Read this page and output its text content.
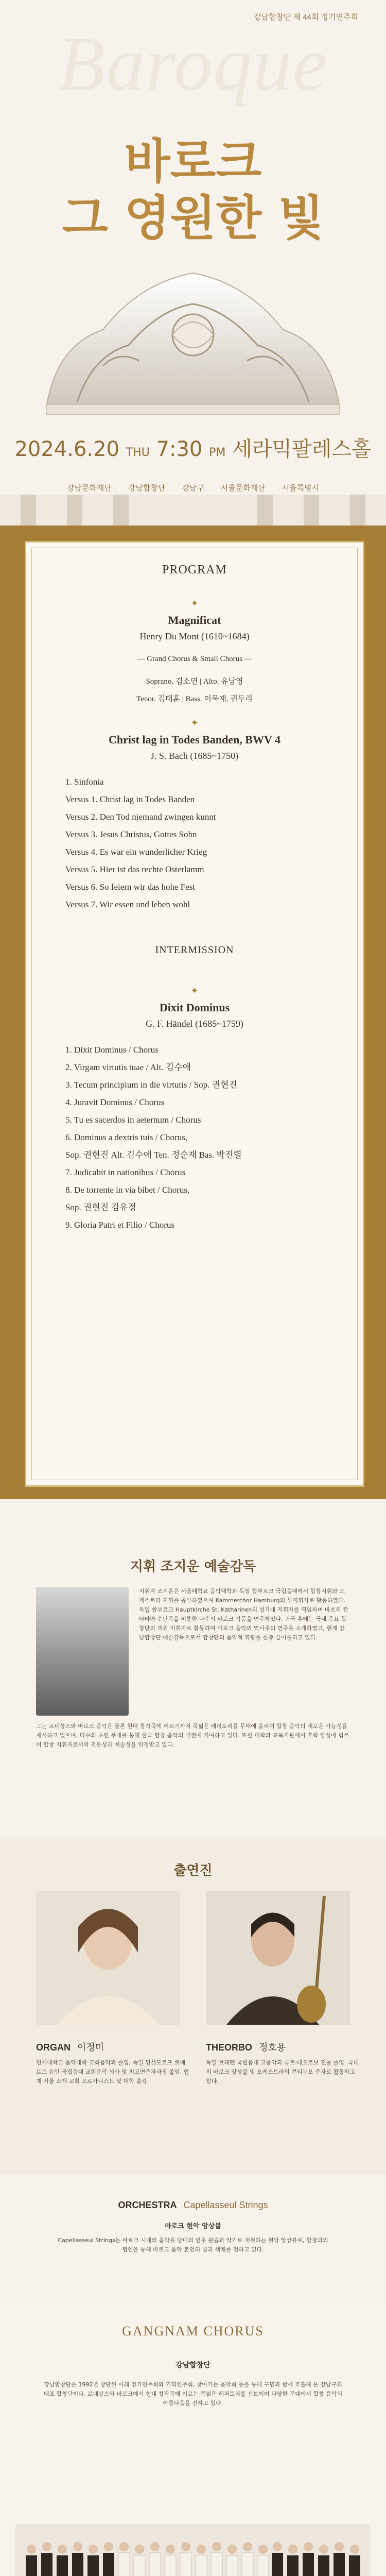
강남합창단 제 44회 정기연주회
Baroque
바로크
그 영원한 빛
2024.6.20 THU 7:30 PM 세라믹팔레스홀
강남문화재단 강남합창단 강남구 서울문화재단 서울특별시
PROGRAM
✦
Magnificat
Henry Du Mont (1610~1684)
— Grand Chorus & Small Chorus —
Soprano. 김소연 | Alto. 유남영
Tenor. 김태훈 | Bass. 이묵재, 권두리
✦
Christ lag in Todes Banden, BWV 4
J. S. Bach (1685~1750)
1. Sinfonia
Versus 1. Christ lag in Todes Banden
Versus 2. Den Tod niemand zwingen kunnt
Versus 3. Jesus Christus, Gottes Sohn
Versus 4. Es war ein wunderlicher Krieg
Versus 5. Hier ist das rechte Osterlamm
Versus 6. So feiern wir das hohe Fest
Versus 7. Wir essen und leben wohl
INTERMISSION
✦
Dixit Dominus
G. F. Händel (1685~1759)
1. Dixit Dominus / Chorus
2. Virgam virtutis tuae / Alt. 김수애
3. Tecum principium in die virtutis / Sop. 권현진
4. Juravit Dominus / Chorus
5. Tu es sacerdos in aeternum / Chorus
6. Dominus a dextris tuis / Chorus,
Sop. 권현진 Alt. 김수애 Ten. 정순재 Bas. 박진렬
7. Judicabit in nationibus / Chorus
8. De torrente in via bibet / Chorus,
Sop. 권현진 김유정
9. Gloria Patri et Filio / Chorus
지휘 조지운 예술감독
지휘자 조지운은 서울대학교 음악대학과 독일 함부르크 국립음대에서 합창지휘와 오케스트라 지휘를 공부하였으며 Kammerchor Hamburg의 부지휘자로 활동하였다. 독일 함부르크 Hauptkirche St. Katharinen의 성가대 지휘자를 역임하며 바흐의 칸타타와 수난곡을 비롯한 다수의 바로크 작품을 연주하였다. 귀국 후에는 국내 주요 합창단의 객원 지휘자로 활동하며 바로크 음악의 역사주의 연주를 소개하였고, 현재 강남합창단 예술감독으로서 합창단의 음악적 역량을 한층 끌어올리고 있다.
그는 르네상스와 바로크 음악은 물론 현대 창작곡에 이르기까지 폭넓은 레퍼토리를 무대에 올리며 합창 음악의 새로운 가능성을 제시하고 있으며, 다수의 초연 무대를 통해 한국 합창 음악의 발전에 기여하고 있다. 또한 대학과 교육기관에서 후학 양성에 힘쓰며 합창 지휘자로서의 전문성과 예술성을 인정받고 있다.
출연진
ORGAN 이정미
연세대학교 음악대학 교회음악과 졸업, 독일 뒤셀도르프 로베르트 슈만 국립음대 교회음악 석사 및 최고연주자과정 졸업. 현재 서울 소재 교회 오르가니스트 및 대학 출강.
THEORBO 정호용
독일 브레멘 국립음대 고음악과 류트·테오르보 전공 졸업. 국내외 바로크 앙상블 및 오케스트라의 콘티누오 주자로 활동하고 있다.
ORCHESTRA Capellasseul Strings
바로크 현악 앙상블
Capellasseul Strings는 바로크 시대의 음악을 당대의 연주 관습과 악기로 재현하는 현악 앙상블로, 합창과의 협연을 통해 바로크 음악 본연의 빛과 색채를 전하고 있다.
GANGNAM CHORUS
강남합창단
강남합창단은 1992년 창단된 이래 정기연주회와 기획연주회, 찾아가는 음악회 등을 통해 구민과 함께 호흡해 온 강남구의 대표 합창단이다. 르네상스와 바로크에서 현대 창작곡에 이르는 폭넓은 레퍼토리를 선보이며 다양한 무대에서 합창 음악의 아름다움을 전하고 있다.
